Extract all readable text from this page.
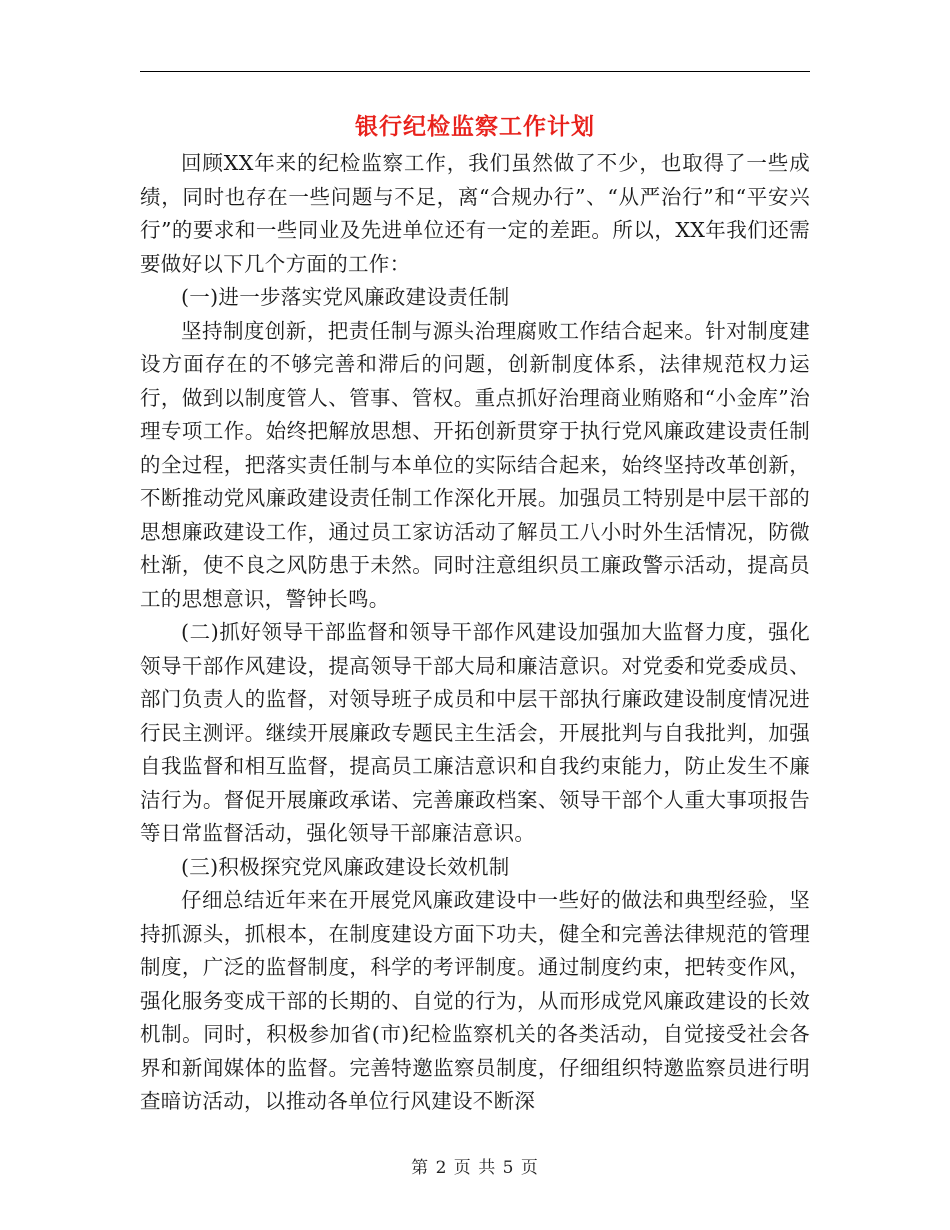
银行纪检监察工作计划

回顾XX年来的纪检监察工作，我们虽然做了不少，也取得了一些成绩，同时也存在一些问题与不足，离“合规办行”、“从严治行”和“平安兴行”的要求和一些同业及先进单位还有一定的差距。所以，XX年我们还需要做好以下几个方面的工作：

(一)进一步落实党风廉政建设责任制

坚持制度创新，把责任制与源头治理腐败工作结合起来。针对制度建设方面存在的不够完善和滞后的问题，创新制度体系，法律规范权力运行，做到以制度管人、管事、管权。重点抓好治理商业贿赂和“小金库”治理专项工作。始终把解放思想、开拓创新贯穿于执行党风廉政建设责任制的全过程，把落实责任制与本单位的实际结合起来，始终坚持改革创新，不断推动党风廉政建设责任制工作深化开展。加强员工特别是中层干部的思想廉政建设工作，通过员工家访活动了解员工八小时外生活情况，防微杜渐，使不良之风防患于未然。同时注意组织员工廉政警示活动，提高员工的思想意识，警钟长鸣。

(二)抓好领导干部监督和领导干部作风建设加强加大监督力度，强化领导干部作风建设，提高领导干部大局和廉洁意识。对党委和党委成员、部门负责人的监督，对领导班子成员和中层干部执行廉政建设制度情况进行民主测评。继续开展廉政专题民主生活会，开展批判与自我批判，加强自我监督和相互监督，提高员工廉洁意识和自我约束能力，防止发生不廉洁行为。督促开展廉政承诺、完善廉政档案、领导干部个人重大事项报告等日常监督活动，强化领导干部廉洁意识。

(三)积极探究党风廉政建设长效机制

仔细总结近年来在开展党风廉政建设中一些好的做法和典型经验，坚持抓源头，抓根本，在制度建设方面下功夫，健全和完善法律规范的管理制度，广泛的监督制度，科学的考评制度。通过制度约束，把转变作风，强化服务变成干部的长期的、自觉的行为，从而形成党风廉政建设的长效机制。同时，积极参加省(市)纪检监察机关的各类活动，自觉接受社会各界和新闻媒体的监督。完善特邀监察员制度，仔细组织特邀监察员进行明查暗访活动，以推动各单位行风建设不断深

第 2 页 共 5 页
